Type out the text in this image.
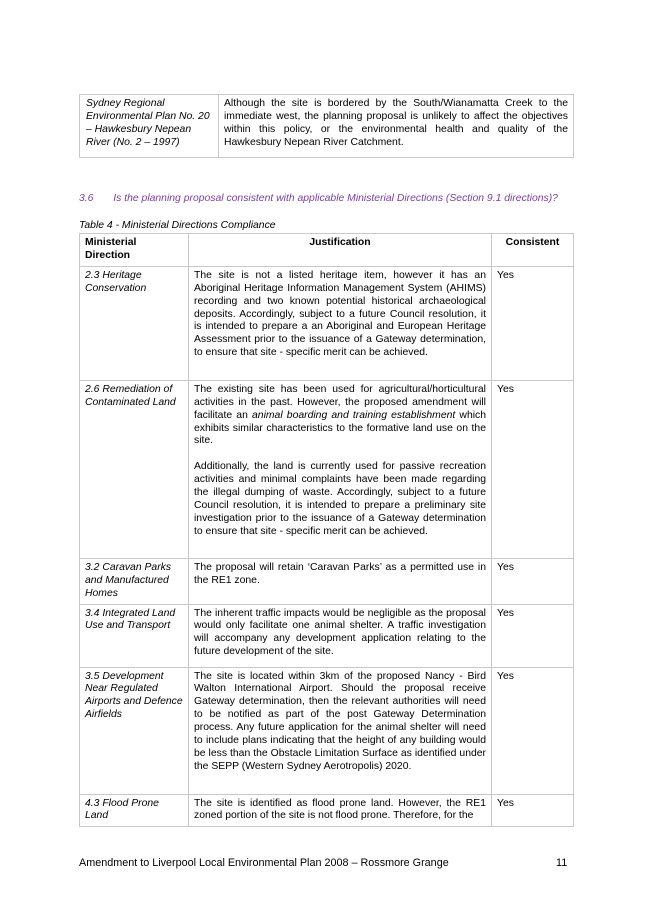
Sydney Regional Environmental Plan No. 20 – Hawkesbury Nepean River (No. 2 – 1997)	Although the site is bordered by the South/Wianamatta Creek to the immediate west, the planning proposal is unlikely to affect the objectives within this policy, or the environmental health and quality of the Hawkesbury Nepean River Catchment.
3.6 Is the planning proposal consistent with applicable Ministerial Directions (Section 9.1 directions)?
Table 4 - Ministerial Directions Compliance
Ministerial Direction	Justification	Consistent
2.3 Heritage Conservation	The site is not a listed heritage item, however it has an Aboriginal Heritage Information Management System (AHIMS) recording and two known potential historical archaeological deposits. Accordingly, subject to a future Council resolution, it is intended to prepare a an Aboriginal and European Heritage Assessment prior to the issuance of a Gateway determination, to ensure that site - specific merit can be achieved.	Yes
2.6 Remediation of Contaminated Land	The existing site has been used for agricultural/horticultural activities in the past. However, the proposed amendment will facilitate an animal boarding and training establishment which exhibits similar characteristics to the formative land use on the site.

Additionally, the land is currently used for passive recreation activities and minimal complaints have been made regarding the illegal dumping of waste. Accordingly, subject to a future Council resolution, it is intended to prepare a preliminary site investigation prior to the issuance of a Gateway determination to ensure that site - specific merit can be achieved.	Yes
3.2 Caravan Parks and Manufactured Homes	The proposal will retain ‘Caravan Parks’ as a permitted use in the RE1 zone.	Yes
3.4 Integrated Land Use and Transport	The inherent traffic impacts would be negligible as the proposal would only facilitate one animal shelter. A traffic investigation will accompany any development application relating to the future development of the site.	Yes
3.5 Development Near Regulated Airports and Defence Airfields	The site is located within 3km of the proposed Nancy - Bird Walton International Airport. Should the proposal receive Gateway determination, then the relevant authorities will need to be notified as part of the post Gateway Determination process. Any future application for the animal shelter will need to include plans indicating that the height of any building would be less than the Obstacle Limitation Surface as identified under the SEPP (Western Sydney Aerotropolis) 2020.	Yes
4.3 Flood Prone Land	The site is identified as flood prone land. However, the RE1 zoned portion of the site is not flood prone. Therefore, for the	Yes
Amendment to Liverpool Local Environmental Plan 2008 – Rossmore Grange	11
